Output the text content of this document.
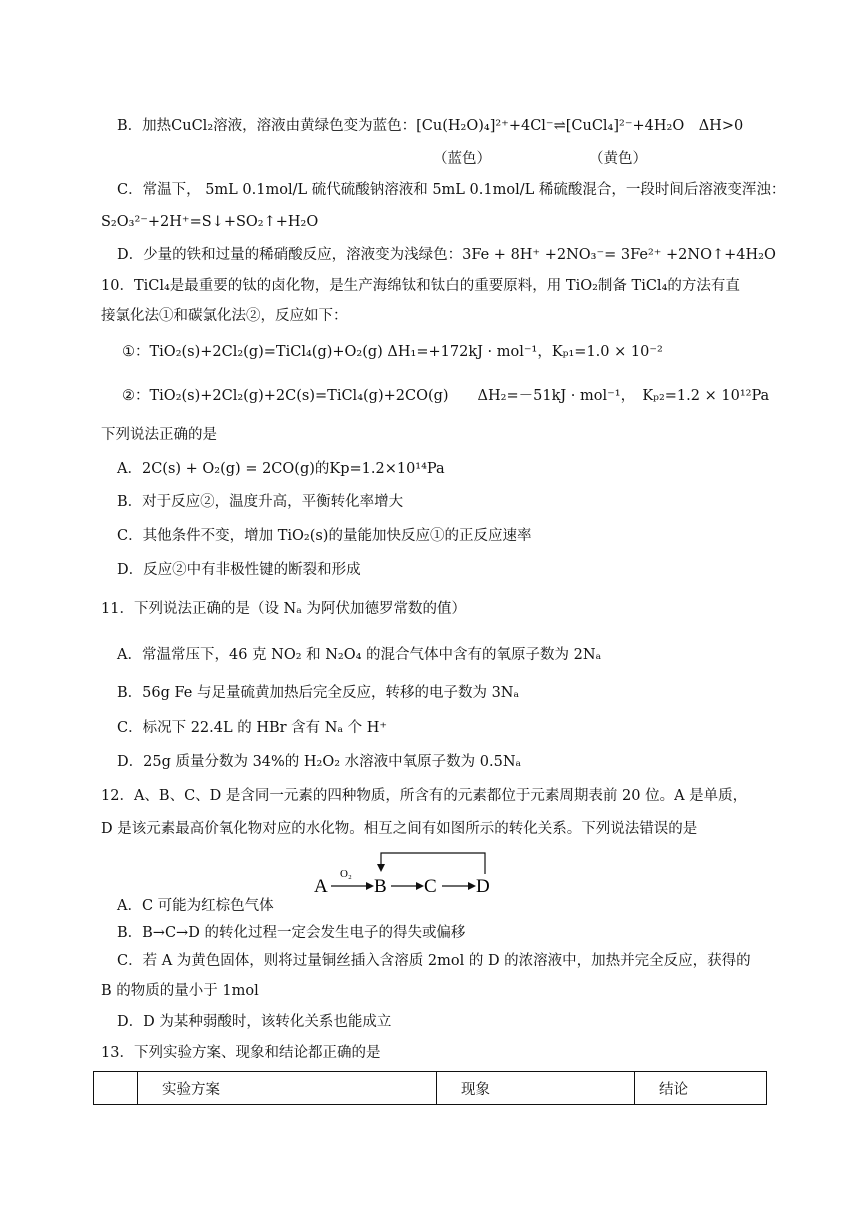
B．加热CuCl₂溶液，溶液由黄绿色变为蓝色：[Cu(H₂O)₄]²⁺+4Cl⁻⇌[CuCl₄]²⁻+4H₂O　ΔH>0
（蓝色）	（黄色）
C．常温下， 5mL 0.1mol/L 硫代硫酸钠溶液和 5mL 0.1mol/L 稀硫酸混合，一段时间后溶液变浑浊：
S₂O₃²⁻+2H⁺=S↓+SO₂↑+H₂O
D．少量的铁和过量的稀硝酸反应，溶液变为浅绿色：3Fe + 8H⁺ +2NO₃⁻= 3Fe²⁺ +2NO↑+4H₂O
10．TiCl₄是最重要的钛的卤化物，是生产海绵钛和钛白的重要原料，用 TiO₂制备 TiCl₄的方法有直
接氯化法①和碳氯化法②，反应如下：
①：TiO₂(s)+2Cl₂(g)=TiCl₄(g)+O₂(g) ΔH₁=+172kJ · mol⁻¹，Kₚ₁=1.0 × 10⁻²
②：TiO₂(s)+2Cl₂(g)+2C(s)=TiCl₄(g)+2CO(g)　　ΔH₂=－51kJ · mol⁻¹，　Kₚ₂=1.2 × 10¹²Pa
下列说法正确的是
A．2C(s) + O₂(g) = 2CO(g)的Kp=1.2×10¹⁴Pa
B．对于反应②，温度升高，平衡转化率增大
C．其他条件不变，增加 TiO₂(s)的量能加快反应①的正反应速率
D．反应②中有非极性键的断裂和形成
11．下列说法正确的是（设 Nₐ 为阿伏加德罗常数的值）
A．常温常压下，46 克 NO₂ 和 N₂O₄ 的混合气体中含有的氧原子数为 2Nₐ
B．56g Fe 与足量硫黄加热后完全反应，转移的电子数为 3Nₐ
C．标况下 22.4L 的 HBr 含有 Nₐ 个 H⁺
D．25g 质量分数为 34%的 H₂O₂ 水溶液中氧原子数为 0.5Nₐ
12．A、B、C、D 是含同一元素的四种物质，所含有的元素都位于元素周期表前 20 位。A 是单质，
D 是该元素最高价氧化物对应的水化物。相互之间有如图所示的转化关系。下列说法错误的是
A
O₂
B C D
A．C 可能为红棕色气体
B．B→C→D 的转化过程一定会发生电子的得失或偏移
C．若 A 为黄色固体，则将过量铜丝插入含溶质 2mol 的 D 的浓溶液中，加热并完全反应，获得的
B 的物质的量小于 1mol
D．D 为某种弱酸时，该转化关系也能成立
13．下列实验方案、现象和结论都正确的是
	实验方案	现象	结论
